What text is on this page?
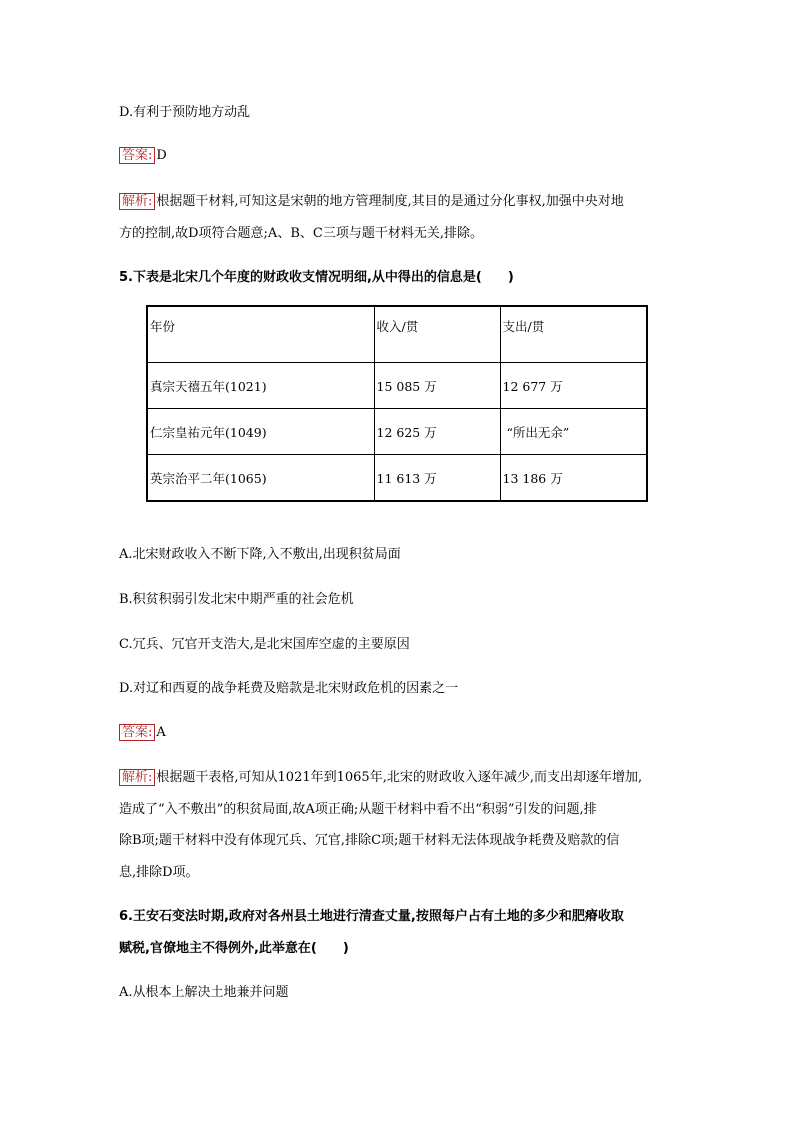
D.有利于预防地方动乱
答案: D
解析: 根据题干材料,可知这是宋朝的地方管理制度,其目的是通过分化事权,加强中央对地
方的控制,故D项符合题意;A、B、C三项与题干材料无关,排除。
5.下表是北宋几个年度的财政收支情况明细,从中得出的信息是(　　)
年份	收入/贯	支出/贯
真宗天禧五年(1021)	15 085 万	12 677 万
仁宗皇祐元年(1049)	12 625 万	“所出无余”
英宗治平二年(1065)	11 613 万	13 186 万
A.北宋财政收入不断下降,入不敷出,出现积贫局面
B.积贫积弱引发北宋中期严重的社会危机
C.冗兵、冗官开支浩大,是北宋国库空虚的主要原因
D.对辽和西夏的战争耗费及赔款是北宋财政危机的因素之一
答案: A
解析: 根据题干表格,可知从1021年到1065年,北宋的财政收入逐年减少,而支出却逐年增加,
造成了“入不敷出”的积贫局面,故A项正确;从题干材料中看不出“积弱”引发的问题,排
除B项;题干材料中没有体现冗兵、冗官,排除C项;题干材料无法体现战争耗费及赔款的信
息,排除D项。
6.王安石变法时期,政府对各州县土地进行清查丈量,按照每户占有土地的多少和肥瘠收取
赋税,官僚地主不得例外,此举意在(　　)
A.从根本上解决土地兼并问题
